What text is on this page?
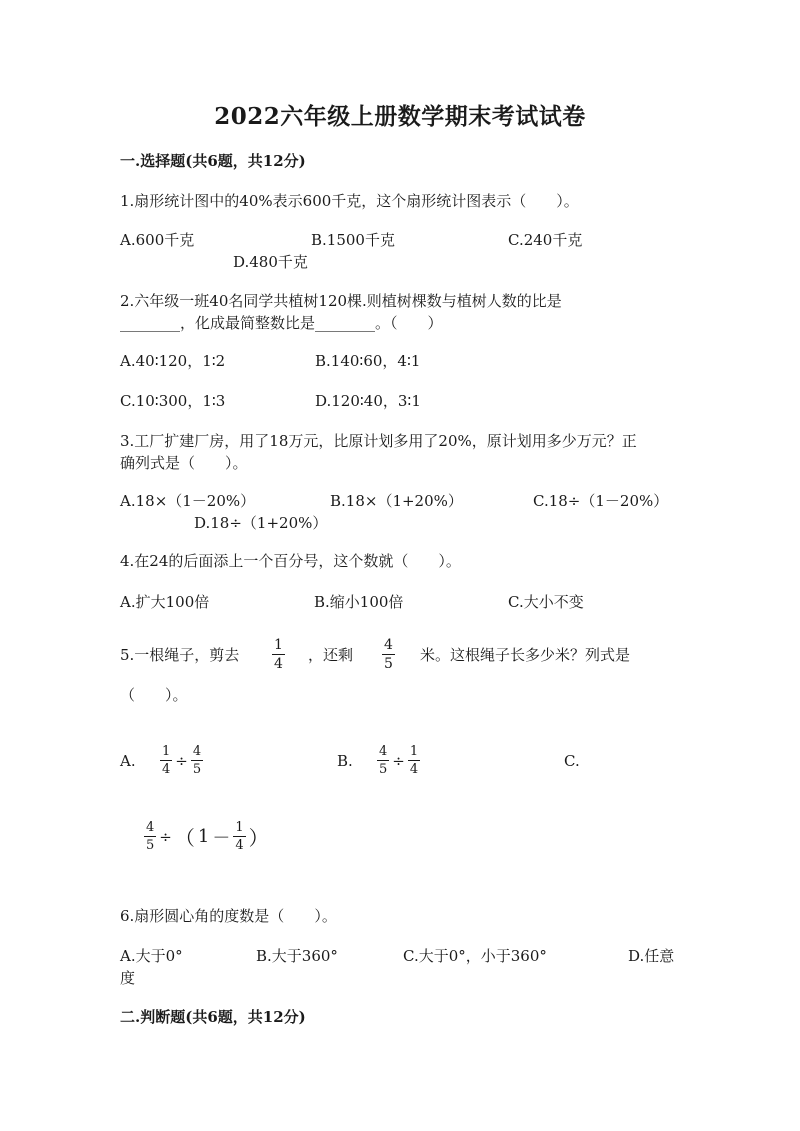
2022六年级上册数学期末考试试卷
一.选择题(共6题，共12分)
1.扇形统计图中的40%表示600千克，这个扇形统计图表示（　　）。
A.600千克	B.1500千克	C.240千克
D.480千克
2.六年级一班40名同学共植树120棵.则植树棵数与植树人数的比是
________，化成最简整数比是________。（　　）
A.40∶120，1∶2	B.140∶60，4∶1
C.10∶300，1∶3	D.120∶40，3∶1
3.工厂扩建厂房，用了18万元，比原计划多用了20%，原计划用多少万元？正
确列式是（　　）。
A.18×（1－20%）	B.18×（1+20%）	C.18÷（1－20%）
D.18÷（1+20%）
4.在24的后面添上一个百分号，这个数就（　　）。
A.扩大100倍	B.缩小100倍	C.大小不变
5.一根绳子，剪去 $\frac{1}{4}$ ，还剩 $\frac{4}{5}$ 米。这根绳子长多少米？列式是
（　　）。
A. $\frac{1}{4} \div \frac{4}{5}$	B. $\frac{4}{5} \div \frac{1}{4}$	C.
$\frac{4}{5}$ ÷ （ $1 - \frac{1}{4}$ ）
6.扇形圆心角的度数是（　　）。
A.大于0°	B.大于360°	C.大于0°，小于360°	D.任意
度
二.判断题(共6题，共12分)
